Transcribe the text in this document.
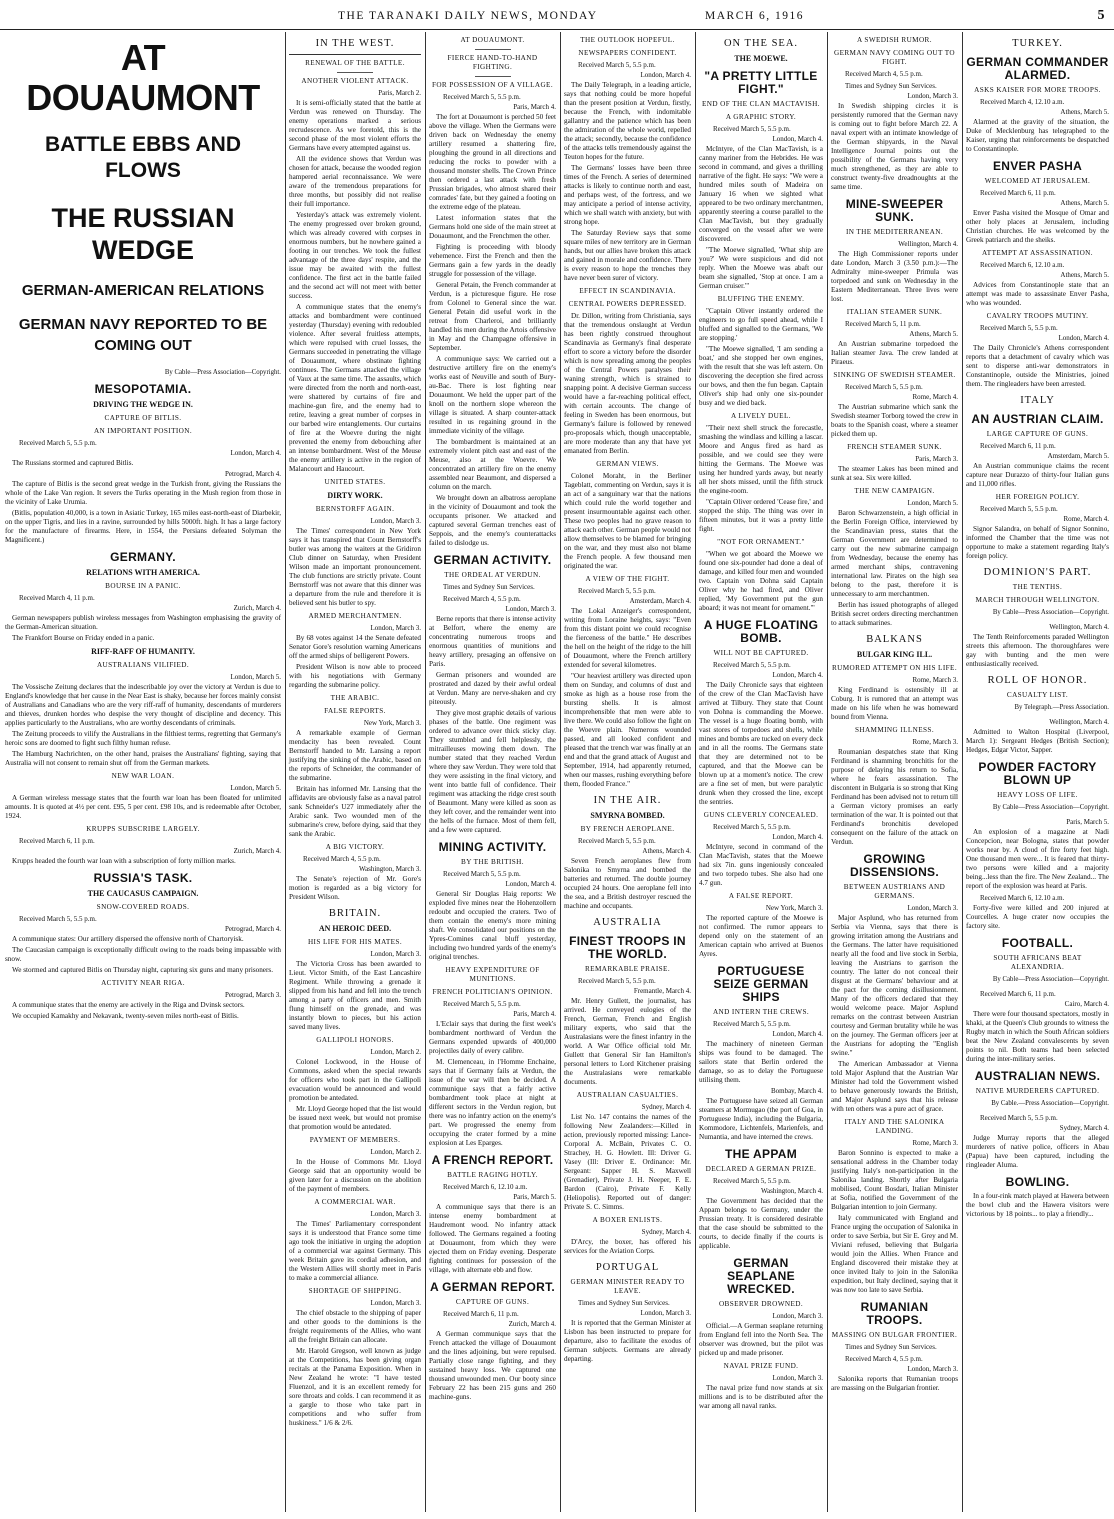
THE TARANAKI DAILY NEWS, MONDAY	MARCH 6, 1916	5
AT DOUAUMONT
BATTLE EBBS AND FLOWS
THE RUSSIAN WEDGE
GERMAN-AMERICAN RELATIONS
GERMAN NAVY REPORTED TO BE COMING OUT
By Cable—Press Association—Copyright.
MESOPOTAMIA.
DRIVING THE WEDGE IN.
CAPTURE OF BITLIS.
AN IMPORTANT POSITION.
Received March 5, 5.5 p.m.
London, March 4.
The Russians stormed and captured Bitlis.
Petrograd, March 4.
The capture of Bitlis is the second great wedge in the Turkish front, giving the Russians the whole of the Lake Van region. It severs the Turks operating in the Mush region from those in the vicinity of Lake Urumia.
(Bitlis, population 40,000, is a town in Asiatic Turkey, 165 miles east-north-east of Diarbekir, on the upper Tigris, and lies in a ravine, surrounded by hills 5000ft. high. It has a large factory for the manufacture of firearms. Here, in 1554, the Persians defeated Solyman the Magnificent.)
GERMANY.
RELATIONS WITH AMERICA.
BOURSE IN A PANIC.
Received March 4, 11 p.m.
Zurich, March 4.
German newspapers publish wireless messages from Washington emphasising the gravity of the German-American situation.
The Frankfort Bourse on Friday ended in a panic.
RIFF-RAFF OF HUMANITY.
AUSTRALIANS VILIFIED.
London, March 5.
The Vossische Zeitung declares that the indescribable joy over the victory at Verdun is due to England's knowledge that her cause in the Near East is shaky, because her forces mainly consist of Australians and Canadians who are the very riff-raff of humanity, descendants of murderers and thieves, drunken hordes who despise the very thought of discipline and decency. This applies particularly to the Australians, who are worthy descendants of criminals.
The Zeitung proceeds to vilify the Australians in the filthiest terms, regretting that Germany's heroic sons are doomed to fight such filthy human refuse.
The Hamburg Nachrichten, on the other hand, praises the Australians' fighting, saying that Australia will not consent to remain shut off from the German markets.
NEW WAR LOAN.
London, March 5.
A German wireless message states that the fourth war loan has been floated for unlimited amounts. It is quoted at 4½ per cent. £95, 5 per cent. £98 10s, and is redeemable after October, 1924.
KRUPPS SUBSCRIBE LARGELY.
Received March 6, 11 p.m.
Zurich, March 4.
Krupps headed the fourth war loan with a subscription of forty million marks.
RUSSIA'S TASK.
THE CAUCASUS CAMPAIGN.
SNOW-COVERED ROADS.
Received March 5, 5.5 p.m.
Petrograd, March 4.
A communique states: Our artillery dispersed the offensive north of Chartoryisk.
The Caucasian campaign is exceptionally difficult owing to the roads being impassable with snow.
We stormed and captured Bitlis on Thursday night, capturing six guns and many prisoners.
ACTIVITY NEAR RIGA.
Petrograd, March 3.
A communique states that the enemy are actively in the Riga and Dvinsk sectors.
We occupied Kamakhy and Nekavank, twenty-seven miles north-east of Bitlis.
IN THE WEST.
RENEWAL OF THE BATTLE.
ANOTHER VIOLENT ATTACK.
Paris, March 2.
It is semi-officially stated that the battle at Verdun was renewed on Thursday. The enemy operations marked a serious recrudescence. As we foretold, this is the second phase of the most violent efforts the Germans have every attempted against us.
All the evidence shows that Verdun was chosen for attack, because the wooded region hampered aerial reconnaissance. We were aware of the tremendous preparations for three months, but possibly did not realise their full importance.
Yesterday's attack was extremely violent. The enemy progressed over broken ground, which was already covered with corpses in enormous numbers, but he nowhere gained a footing in our trenches. We took the fullest advantage of the three days' respite, and the issue may be awaited with the fullest confidence. The first act in the battle failed and the second act will not meet with better success.
A communique states that the enemy's attacks and bombardment were continued yesterday (Thursday) evening with redoubled violence. After several fruitless attempts, which were repulsed with cruel losses, the Germans succeeded in penetrating the village of Douaumont, where obstinate fighting continues. The Germans attacked the village of Vaux at the same time. The assaults, which were directed from the north and north-east, were shattered by curtains of fire and machine-gun fire, and the enemy had to retire, leaving a great number of corpses in our barbed wire entanglements. Our curtains of fire at the Woevre during the night prevented the enemy from debouching after an intense bombardment. West of the Meuse the enemy artillery is active in the region of Malancourt and Haucourt.
UNITED STATES.
DIRTY WORK.
BERNSTORFF AGAIN.
London, March 3.
The Times' correspondent in New York says it has transpired that Count Bernstorff's butler was among the waiters at the Gridiron Club dinner on Saturday, when President Wilson made an important pronouncement. The club functions are strictly private. Count Bernstorff was not aware that this dinner was a departure from the rule and therefore it is believed sent his butler to spy.
ARMED MERCHANTMEN.
London, March 3.
By 68 votes against 14 the Senate defeated Senator Gore's resolution warning Americans off the armed ships of belligerent Powers.
President Wilson is now able to proceed with his negotiations with Germany regarding the submarine policy.
THE ARABIC.
FALSE REPORTS.
New York, March 3.
A remarkable example of German mendacity has been revealed. Count Bernstorff handed to Mr. Lansing a report justifying the sinking of the Arabic, based on the reports of Schneider, the commander of the submarine.
Britain has informed Mr. Lansing that the affidavits are obviously false as a naval patrol sank Schneider's U27 immediately after the Arabic sank. Two wounded men of the submarine's crew, before dying, said that they sank the Arabic.
A BIG VICTORY.
Received March 4, 5.5 p.m.
Washington, March 3.
The Senate's rejection of Mr. Gore's motion is regarded as a big victory for President Wilson.
BRITAIN.
AN HEROIC DEED.
HIS LIFE FOR HIS MATES.
London, March 3.
The Victoria Cross has been awarded to Lieut. Victor Smith, of the East Lancashire Regiment. While throwing a grenade it slipped from his hand and fell into the trench among a party of officers and men. Smith flung himself on the grenade, and was instantly blown to pieces, but his action saved many lives.
GALLIPOLI HONORS.
London, March 2.
Colonel Lockwood, in the House of Commons, asked when the special rewards for officers who took part in the Gallipoli evacuation would be announced and would promotion be antedated.
Mr. Lloyd George hoped that the list would be issued next week, but would not promise that promotion would be antedated.
PAYMENT OF MEMBERS.
London, March 2.
In the House of Commons Mr. Lloyd George said that an opportunity would be given later for a discussion on the abolition of the payment of members.
A COMMERCIAL WAR.
London, March 3.
The Times' Parliamentary correspondent says it is understood that France some time ago took the initiative in urging the adoption of a commercial war against Germany. This week Britain gave its cordial adhesion, and the Western Allies will shortly meet in Paris to make a commercial alliance.
SHORTAGE OF SHIPPING.
London, March 3.
The chief obstacle to the shipping of paper and other goods to the dominions is the freight requirements of the Allies, who want all the freight Britain can allocate.
Mr. Harold Gregson, well known as judge at the Competitions, has been giving organ recitals at the Panama Exposition. When in New Zealand he wrote: "I have tested Fluenzol, and it is an excellent remedy for sore throats and colds. I can recommend it as a gargle to those who take part in competitions and who suffer from huskiness." 1/6 & 2/6.
AT DOUAUMONT.
FIERCE HAND-TO-HAND FIGHTING.
FOR POSSESSION OF A VILLAGE.
Received March 5, 5.5 p.m.
Paris, March 4.
The fort at Douaumont is perched 50 feet above the village. When the Germans were driven back on Wednesday the enemy artillery resumed a shattering fire, ploughing the ground in all directions and reducing the rocks to powder with a thousand monster shells. The Crown Prince then ordered a last attack with fresh Prussian brigades, who almost shared their comrades' fate, but they gained a footing on the extreme edge of the plateau.
Latest information states that the Germans hold one side of the main street at Douaumont, and the Frenchmen the other.
Fighting is proceeding with bloody vehemence. First the French and then the Germans gain a few yards in the deadly struggle for possession of the village.
General Petain, the French commander at Verdun, is a picturesque figure. He rose from Colonel to General since the war. General Petain did useful work in the retreat from Charleroi, and brilliantly handled his men during the Artois offensive in May and the Champagne offensive in September.
A communique says: We carried out a destructive artillery fire on the enemy's works east of Neuville and south of Bury-au-Bac. There is lost fighting near Douaumont. We held the upper part of the knoll on the northern slope whereon the village is situated. A sharp counter-attack resulted in us regaining ground in the immediate vicinity of the village.
The bombardment is maintained at an extremely violent pitch east and east of the Meuse, also at the Woevre. We concentrated an artillery fire on the enemy assembled near Beaumont, and dispersed a column on the march.
We brought down an albatross aeroplane in the vicinity of Douaumont and took the occupants prisoner. We attacked and captured several German trenches east of Seppois, and the enemy's counterattacks failed to dislodge us.
GERMAN ACTIVITY.
THE ORDEAL AT VERDUN.
Times and Sydney Sun Services.
Received March 4, 5.5 p.m.
London, March 3.
Berne reports that there is intense activity at Belfort, where the enemy are concentrating numerous troops and enormous quantities of munitions and heavy artillery, presaging an offensive on Paris.
German prisoners and wounded are prostrated and dazed by their awful ordeal at Verdun. Many are nerve-shaken and cry piteously.
They give most graphic details of various phases of the battle. One regiment was ordered to advance over thick sticky clay. They stumbled and fell helplessly, the mitrailleuses mowing them down. The number stated that they reached Verdun where they saw Verdun. They were told that they were assisting in the final victory, and went into battle full of confidence. Their regiment was attacking the ridge crest south of Beaumont. Many were killed as soon as they left cover, and the remainder went into the hells of the furnace. Most of them fell, and a few were captured.
MINING ACTIVITY.
BY THE BRITISH.
Received March 5, 5.5 p.m.
London, March 4.
General Sir Douglas Haig reports: We exploded five mines near the Hohenzollern redoubt and occupied the craters. Two of them contain the enemy's more mining shaft. We consolidated our positions on the Ypres-Comines canal bluff yesterday, including two hundred yards of the enemy's original trenches.
HEAVY EXPENDITURE OF MUNITIONS.
FRENCH POLITICIAN'S OPINION.
Received March 5, 5.5 p.m.
Paris, March 4.
L'Eclair says that during the first week's bombardment northward of Verdun the Germans expended upwards of 400,000 projectiles daily of every calibre.
M. Clemenceau, in l'Homme Enchaine, says that if Germany fails at Verdun, the issue of the war will then be decided. A communique says that a fairly active bombardment took place at night at different sectors in the Verdun region, but there was no infantry action on the enemy's part. We progressed the enemy from occupying the crater formed by a mine explosion at Les Eparges.
A FRENCH REPORT.
BATTLE RAGING HOTLY.
Received March 6, 12.10 a.m.
Paris, March 5.
A communique says that there is an intense enemy bombardment at Haudremont wood. No infantry attack followed. The Germans regained a footing at Douaumont, from which they were ejected them on Friday evening. Desperate fighting continues for possession of the village, with alternate ebb and flow.
A GERMAN REPORT.
CAPTURE OF GUNS.
Received March 6, 11 p.m.
Zurich, March 4.
A German communique says that the French attacked the village of Douaumont and the lines adjoining, but were repulsed. Partially close range fighting, and they sustained heavy loss. We captured one thousand unwounded men. Our booty since February 22 has been 215 guns and 260 machine-guns.
THE OUTLOOK HOPEFUL.
NEWSPAPERS CONFIDENT.
Received March 5, 5.5 p.m.
London, March 4.
The Daily Telegraph, in a leading article, says that nothing could be more hopeful than the present position at Verdun, firstly, because the French, with indomitable gallantry and the patience which has been the admiration of the whole world, repelled the attack; secondly, because the confidence of the attacks tells tremendously against the Teuton hopes for the future.
The Germans' losses have been three times of the French. A series of determined attacks is likely to continue north and east, and perhaps west, of the fortress, and we may anticipate a period of intense activity, which we shall watch with anxiety, but with strong hope.
The Saturday Review says that some square miles of new territory are in German hands, but our allies have broken this attack and gained in morale and confidence. There is every reason to hope the trenches they have never been surer of victory.
EFFECT IN SCANDINAVIA.
CENTRAL POWERS DEPRESSED.
Dr. Dillon, writing from Christiania, says that the tremendous onslaught at Verdun has been rightly construed throughout Scandinavia as Germany's final desperate effort to score a victory before the disorder which is now spreading among the peoples of the Central Powers paralyses their waning strength, which is strained to snapping point. A decisive German success would have a far-reaching political effect, with certain accounts. The change of feeling in Sweden has been enormous, but Germany's failure is followed by renewed pro-proposals which, though unacceptable, are more moderate than any that have yet emanated from Berlin.
GERMAN VIEWS.
Colonel Moraht, in the Berliner Tageblatt, commenting on Verdun, says it is an act of a sanguinary war that the nations which could rule the world together and present insurmountable against each other. These two peoples had no grave reason to attack each other. German people would not allow themselves to be blamed for bringing on the war, and they must also not blame the French people. A few thousand men originated the war.
A VIEW OF THE FIGHT.
Received March 5, 5.5 p.m.
Amsterdam, March 4.
The Lokal Anzeiger's correspondent, writing from Loraine heights, says: "Even from this distant point we could recognise the fierceness of the battle." He describes the hell on the height of the ridge to the hill of Douaumont, where the French artillery extended for several kilometres.
"Our heaviest artillery was directed upon them on Sunday, and columns of dust and smoke as high as a house rose from the bursting shells. It is almost incomprehensible that men were able to live there. We could also follow the fight on the Woevre plain. Numerous wounded passed, and all looked confident and pleased that the trench war was finally at an end and that the grand attack of August and September, 1914, had apparently returned, when our masses, rushing everything before them, flooded France."
IN THE AIR.
SMYRNA BOMBED.
BY FRENCH AEROPLANE.
Received March 5, 5.5 p.m.
Athens, March 4.
Seven French aeroplanes flew from Salonika to Smyrna and bombed the batteries and returned. The double journey occupied 24 hours. One aeroplane fell into the sea, and a British destroyer rescued the machine and occupants.
AUSTRALIA
FINEST TROOPS IN THE WORLD.
REMARKABLE PRAISE.
Received March 5, 5.5 p.m.
Fremantle, March 4.
Mr. Henry Gullett, the journalist, has arrived. He conveyed eulogies of the French, German, French and English military experts, who said that the Australasians were the finest infantry in the world. A War Office official told Mr. Gullett that General Sir Ian Hamilton's personal letters to Lord Kitchener praising the Australasians were remarkable documents.
AUSTRALIAN CASUALTIES.
Sydney, March 4.
List No. 147 contains the names of the following New Zealanders:—Killed in action, previously reported missing: Lance-Corporal A. McBain, Privates C. O. Strachey, H. G. Howlett. Ill: Driver G. Vasey (Ill: Driver E. Ordinance: Mr. Sergeant: Sapper H. S. Maxwell (Grenadier), Private J. H. Neeper, F. E. Bardon (Cairo), Private F. Kelly (Heliopolis). Reported out of danger: Private S. C. Simms.
A BOXER ENLISTS.
Sydney, March 4.
D'Arcy, the boxer, has offered his services for the Aviation Corps.
PORTUGAL
GERMAN MINISTER READY TO LEAVE.
Times and Sydney Sun Services.
London, March 3.
It is reported that the German Minister at Lisbon has been instructed to prepare for departure, also to facilitate the exodus of German subjects. Germans are already departing.
ON THE SEA.
THE MOEWE.
"A PRETTY LITTLE FIGHT."
END OF THE CLAN MACTAVISH.
A GRAPHIC STORY.
Received March 5, 5.5 p.m.
London, March 4.
McIntyre, of the Clan MacTavish, is a canny mariner from the Hebrides. He was second in command, and gives a thrilling narrative of the fight. He says: "We were a hundred miles south of Madeira on January 16 when we sighted what appeared to be two ordinary merchantmen, apparently steering a course parallel to the Clan MacTavish, but they gradually converged on the vessel after we were discovered.
"The Moewe signalled, 'What ship are you?' We were suspicious and did not reply. When the Moewe was abaft our beam she signalled, 'Stop at once. I am a German cruiser.'"
BLUFFING THE ENEMY.
"Captain Oliver instantly ordered the engineers to go full speed ahead, while I bluffed and signalled to the Germans, 'We are stopping.'
"The Moewe signalled, 'I am sending a boat,' and she stopped her own engines, with the result that she was left astern. On discovering the deception she fired across our bows, and then the fun began. Captain Oliver's ship had only one six-pounder busy and we died back.
A LIVELY DUEL.
"Their next shell struck the forecastle, smashing the windlass and killing a lascar. Moore and Angus fired as hard as possible, and we could see they were hitting the Germans. The Moewe was using her hundred yards away, but nearly all her shots missed, until the fifth struck the engine-room.
"Captain Oliver ordered 'Cease fire,' and stopped the ship. The thing was over in fifteen minutes, but it was a pretty little fight.
"NOT FOR ORNAMENT."
"When we got aboard the Moewe we found one six-pounder had done a deal of damage, and killed four men and wounded two. Captain von Dohna said Captain Oliver why he had fired, and Oliver replied, 'My Government put the gun aboard; it was not meant for ornament.'"
A HUGE FLOATING BOMB.
WILL NOT BE CAPTURED.
Received March 5, 5.5 p.m.
London, March 4.
The Daily Chronicle says that eighteen of the crew of the Clan MacTavish have arrived at Tilbury. They state that Count von Dohna is commanding the Moewe. The vessel is a huge floating bomb, with vast stores of torpedoes and shells, while mines and bombs are tucked on every deck and in all the rooms. The Germans state that they are determined not to be captured, and that the Moewe can be blown up at a moment's notice. The crew are a fine set of men, but were paralytic drunk when they crossed the line, except the sentries.
GUNS CLEVERLY CONCEALED.
Received March 5, 5.5 p.m.
London, March 4.
McIntyre, second in command of the Clan MacTavish, states that the Moewe had six 7in. guns ingeniously concealed and two torpedo tubes. She also had one 4.7 gun.
A FALSE REPORT.
New York, March 3.
The reported capture of the Moewe is not confirmed. The rumor appears to depend only on the statement of an American captain who arrived at Buenos Ayres.
PORTUGUESE SEIZE GERMAN SHIPS
AND INTERN THE CREWS.
Received March 5, 5.5 p.m.
London, March 4.
The machinery of nineteen German ships was found to be damaged. The sailors state that Berlin ordered the damage, so as to delay the Portuguese utilising them.
Bombay, March 4.
The Portuguese have seized all German steamers at Mormugao (the port of Goa, in Portuguese India), including the Bulgaria, Kommodore, Lichtenfels, Marienfels, and Numantia, and have interned the crews.
THE APPAM
DECLARED A GERMAN PRIZE.
Received March 5, 5.5 p.m.
Washington, March 4.
The Government has decided that the Appam belongs to Germany, under the Prussian treaty. It is considered desirable that the case should be submitted to the courts, to decide finally if the courts is applicable.
GERMAN SEAPLANE WRECKED.
OBSERVER DROWNED.
London, March 3.
Official.—A German seaplane returning from England fell into the North Sea. The observer was drowned, but the pilot was picked up and made prisoner.
NAVAL PRIZE FUND.
London, March 3.
The naval prize fund now stands at six millions and is to be distributed after the war among all naval ranks.
A SWEDISH RUMOR.
GERMAN NAVY COMING OUT TO FIGHT.
Received March 4, 5.5 p.m.
Times and Sydney Sun Services.
London, March 3.
In Swedish shipping circles it is persistently rumored that the German navy is coming out to fight before March 22. A naval expert with an intimate knowledge of the German shipyards, in the Naval Intelligence Journal points out the possibility of the Germans having very much strengthened, as they are able to construct twenty-five dreadnoughts at the same time.
MINE-SWEEPER SUNK.
IN THE MEDITERRANEAN.
Wellington, March 4.
The High Commissioner reports under date London, March 3 (3.50 p.m.):—The Admiralty mine-sweeper Primula was torpedoed and sunk on Wednesday in the Eastern Mediterranean. Three lives were lost.
ITALIAN STEAMER SUNK.
Received March 5, 11 p.m.
Athens, March 5.
An Austrian submarine torpedoed the Italian steamer Java. The crew landed at Piraeus.
SINKING OF SWEDISH STEAMER.
Received March 5, 5.5 p.m.
Rome, March 4.
The Austrian submarine which sank the Swedish steamer Torborg towed the crew in boats to the Spanish coast, where a steamer picked them up.
FRENCH STEAMER SUNK.
Paris, March 3.
The steamer Lakes has been mined and sunk at sea. Six were killed.
THE NEW CAMPAIGN.
London, March 5.
Baron Schwarzenstein, a high official in the Berlin Foreign Office, interviewed by the Scandinavian press, states that the German Government are determined to carry out the new submarine campaign from Wednesday, because the enemy has armed merchant ships, contravening international law. Pirates on the high sea belong to the past, therefore it is unnecessary to arm merchantmen.
Berlin has issued photographs of alleged British secret orders directing merchantmen to attack submarines.
BALKANS
BULGAR KING ILL.
RUMORED ATTEMPT ON HIS LIFE.
Rome, March 3.
King Ferdinand is ostensibly ill at Coburg. It is rumored that an attempt was made on his life when he was homeward bound from Vienna.
SHAMMING ILLNESS.
Rome, March 3.
Roumanian despatches state that King Ferdinand is shamming bronchitis for the purpose of delaying his return to Sofia, where he fears assassination. The discontent in Bulgaria is so strong that King Ferdinand has been advised not to return till a German victory promises an early termination of the war. It is pointed out that Ferdinand's bronchitis developed consequent on the failure of the attack on Verdun.
GROWING DISSENSIONS.
BETWEEN AUSTRIANS AND GERMANS.
London, March 3.
Major Asplund, who has returned from Serbia via Vienna, says that there is growing irritation among the Austrians and the Germans. The latter have requisitioned nearly all the food and live stock in Serbia, leaving the Austrians to garrison the country. The latter do not conceal their disgust at the Germans' behaviour and at the pact for the coming disillusionment. Many of the officers declared that they would welcome peace. Major Asplund remarks on the contrast between Austrian courtesy and German brutality while he was on the journey. The German officers jeer at the Austrians for adopting the "English swine."
The American Ambassador at Vienna told Major Asplund that the Austrian War Minister had told the Government wished to behave generously towards the British, and Major Asplund says that his release with ten others was a pure act of grace.
ITALY AND THE SALONIKA LANDING.
Rome, March 3.
Baron Sonnino is expected to make a sensational address in the Chamber today justifying Italy's non-participation in the Salonika landing. Shortly after Bulgaria mobilised, Count Bosdari, Italian Minister at Sofia, notified the Government of the Bulgarian intention to join Germany.
Italy communicated with England and France urging the occupation of Salonika in order to save Serbia, but Sir E. Grey and M. Viviani refused, believing that Bulgaria would join the Allies. When France and England discovered their mistake they at once invited Italy to join in the Salonika expedition, but Italy declined, saying that it was now too late to save Serbia.
RUMANIAN TROOPS.
MASSING ON BULGAR FRONTIER.
Times and Sydney Sun Services.
Received March 4, 5.5 p.m.
London, March 3.
Salonika reports that Rumanian troops are massing on the Bulgarian frontier.
TURKEY.
GERMAN COMMANDER ALARMED.
ASKS KAISER FOR MORE TROOPS.
Received March 4, 12.10 a.m.
Athens, March 5.
Alarmed at the gravity of the situation, the Duke of Mecklenburg has telegraphed to the Kaiser, urging that reinforcements be despatched to Constantinople.
ENVER PASHA
WELCOMED AT JERUSALEM.
Received March 6, 11 p.m.
Athens, March 5.
Enver Pasha visited the Mosque of Omar and other holy places at Jerusalem, including Christian churches. He was welcomed by the Greek patriarch and the sheiks.
ATTEMPT AT ASSASSINATION.
Received March 6, 12.10 a.m.
Athens, March 5.
Advices from Constantinople state that an attempt was made to assassinate Enver Pasha, who was wounded.
CAVALRY TROOPS MUTINY.
Received March 5, 5.5 p.m.
London, March 4.
The Daily Chronicle's Athens correspondent reports that a detachment of cavalry which was sent to disperse anti-war demonstrators in Constantinople, outside the Ministries, joined them. The ringleaders have been arrested.
ITALY
AN AUSTRIAN CLAIM.
LARGE CAPTURE OF GUNS.
Received March 6, 11 p.m.
Amsterdam, March 5.
An Austrian communique claims the recent capture near Durazzo of thirty-four Italian guns and 11,000 rifles.
HER FOREIGN POLICY.
Received March 5, 5.5 p.m.
Rome, March 4.
Signor Salandra, on behalf of Signor Sonnino, informed the Chamber that the time was not opportune to make a statement regarding Italy's foreign policy.
DOMINION'S PART.
THE TENTHS.
MARCH THROUGH WELLINGTON.
By Cable—Press Association—Copyright.
Wellington, March 4.
The Tenth Reinforcements paraded Wellington streets this afternoon. The thoroughfares were gay with bunting and the men were enthusiastically received.
ROLL OF HONOR.
CASUALTY LIST.
By Telegraph.—Press Association.
Wellington, March 4.
Admitted to Walton Hospital (Liverpool, March 1): Sergeant Hedges (British Section); Hedges, Edgar Victor, Sapper.
POWDER FACTORY BLOWN UP
HEAVY LOSS OF LIFE.
By Cable—Press Association—Copyright.
Paris, March 5.
An explosion of a magazine at Nadi Concepcion, near Bologna, states that powder works near by. A cloud of fire forty feet high. One thousand men were... It is feared that thirty-two persons were killed and a majority being...less than the fire. The New Zealand... The report of the explosion was heard at Paris.
Received March 6, 12.10 a.m.
Forty-five were killed and 200 injured at Courcelles. A huge crater now occupies the factory site.
FOOTBALL.
SOUTH AFRICANS BEAT ALEXANDRIA.
By Cable—Press Association—Copyright.
Received March 6, 11 p.m.
Cairo, March 4.
There were four thousand spectators, mostly in khaki, at the Queen's Club grounds to witness the Rugby match in which the South African soldiers beat the New Zealand convalescents by seven points to nil. Both teams had been selected during the inter-military series.
AUSTRALIAN NEWS.
NATIVE MURDERERS CAPTURED.
By Cable.—Press Association—Copyright.
Received March 5, 5.5 p.m.
Sydney, March 4.
Judge Murray reports that the alleged murderers of native police, officers in Abau (Papua) have been captured, including the ringleader Aluma.
BOWLING.
In a four-rink match played at Hawera between the bowl club and the Hawera visitors were victorious by 18 points... to play a friendly...
